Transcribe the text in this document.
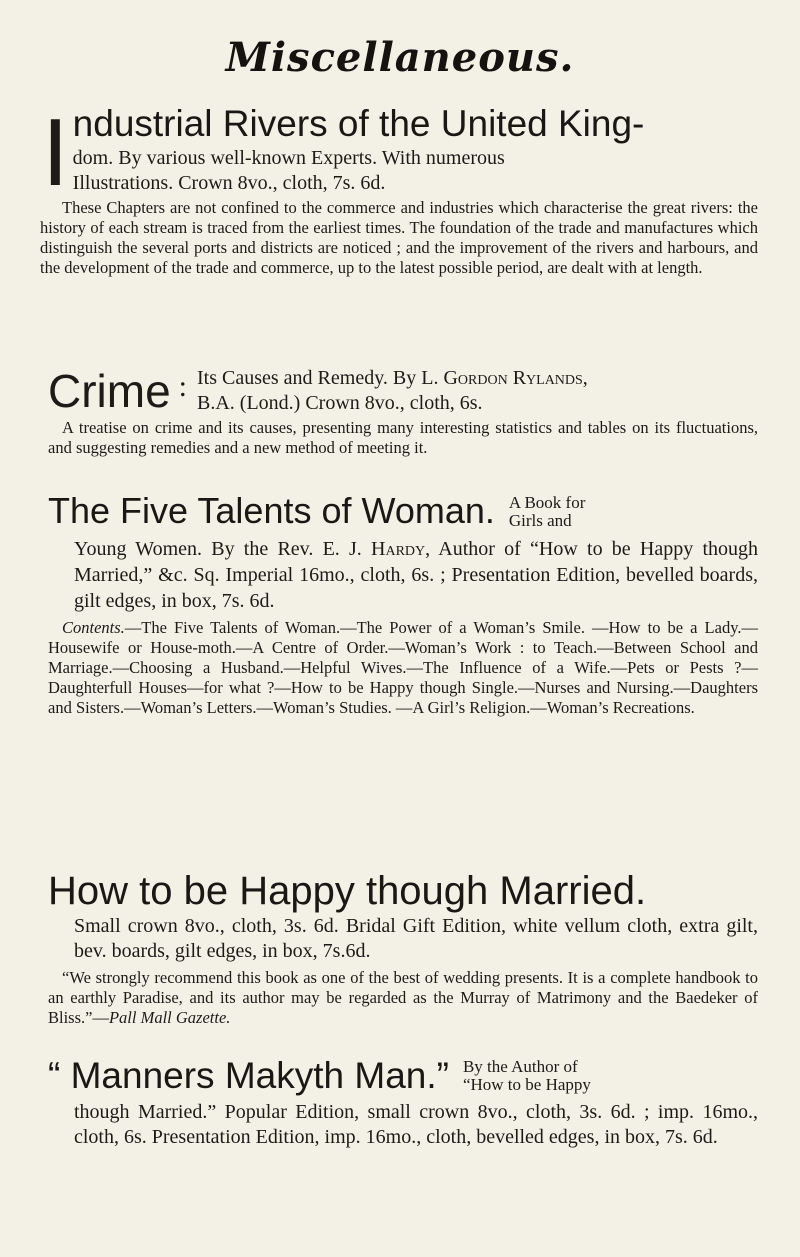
Miscellaneous.
I ndustrial Rivers of the United King-
dom. By various well-known Experts. With numerous
Illustrations. Crown 8vo., cloth, 7s. 6d.
These Chapters are not confined to the commerce and industries which characterise the great rivers: the history of each stream is traced from the earliest times. The foundation of the trade and manufactures which distinguish the several ports and districts are noticed ; and the improvement of the rivers and harbours, and the development of the trade and commerce, up to the latest possible period, are dealt with at length.
Crime : Its Causes and Remedy. By L. Gordon Rylands,
B.A. (Lond.) Crown 8vo., cloth, 6s.
A treatise on crime and its causes, presenting many interesting statistics and tables on its fluctuations, and suggesting remedies and a new method of meeting it.
The Five Talents of Woman. A Book for
Girls and
Young Women. By the Rev. E. J. Hardy, Author of “How to be Happy though Married,” &c. Sq. Imperial 16mo., cloth, 6s. ; Presentation Edition, bevelled boards, gilt edges, in box, 7s. 6d.
Contents.—The Five Talents of Woman.—The Power of a Woman’s Smile. —How to be a Lady.—Housewife or House-moth.—A Centre of Order.—Woman’s Work : to Teach.—Between School and Marriage.—Choosing a Husband.—Helpful Wives.—The Influence of a Wife.—Pets or Pests ?—Daughterfull Houses—for what ?—How to be Happy though Single.—Nurses and Nursing.—Daughters and Sisters.—Woman’s Letters.—Woman’s Studies. —A Girl’s Religion.—Woman’s Recreations.
How to be Happy though Married.
Small crown 8vo., cloth, 3s. 6d. Bridal Gift Edition, white vellum cloth, extra gilt, bev. boards, gilt edges, in box, 7s.6d.
“We strongly recommend this book as one of the best of wedding presents. It is a complete handbook to an earthly Paradise, and its author may be regarded as the Murray of Matrimony and the Baedeker of Bliss.”—Pall Mall Gazette.
“ Manners Makyth Man.” By the Author of
“How to be Happy
though Married.” Popular Edition, small crown 8vo., cloth, 3s. 6d. ; imp. 16mo., cloth, 6s. Presentation Edition, imp. 16mo., cloth, bevelled edges, in box, 7s. 6d.
